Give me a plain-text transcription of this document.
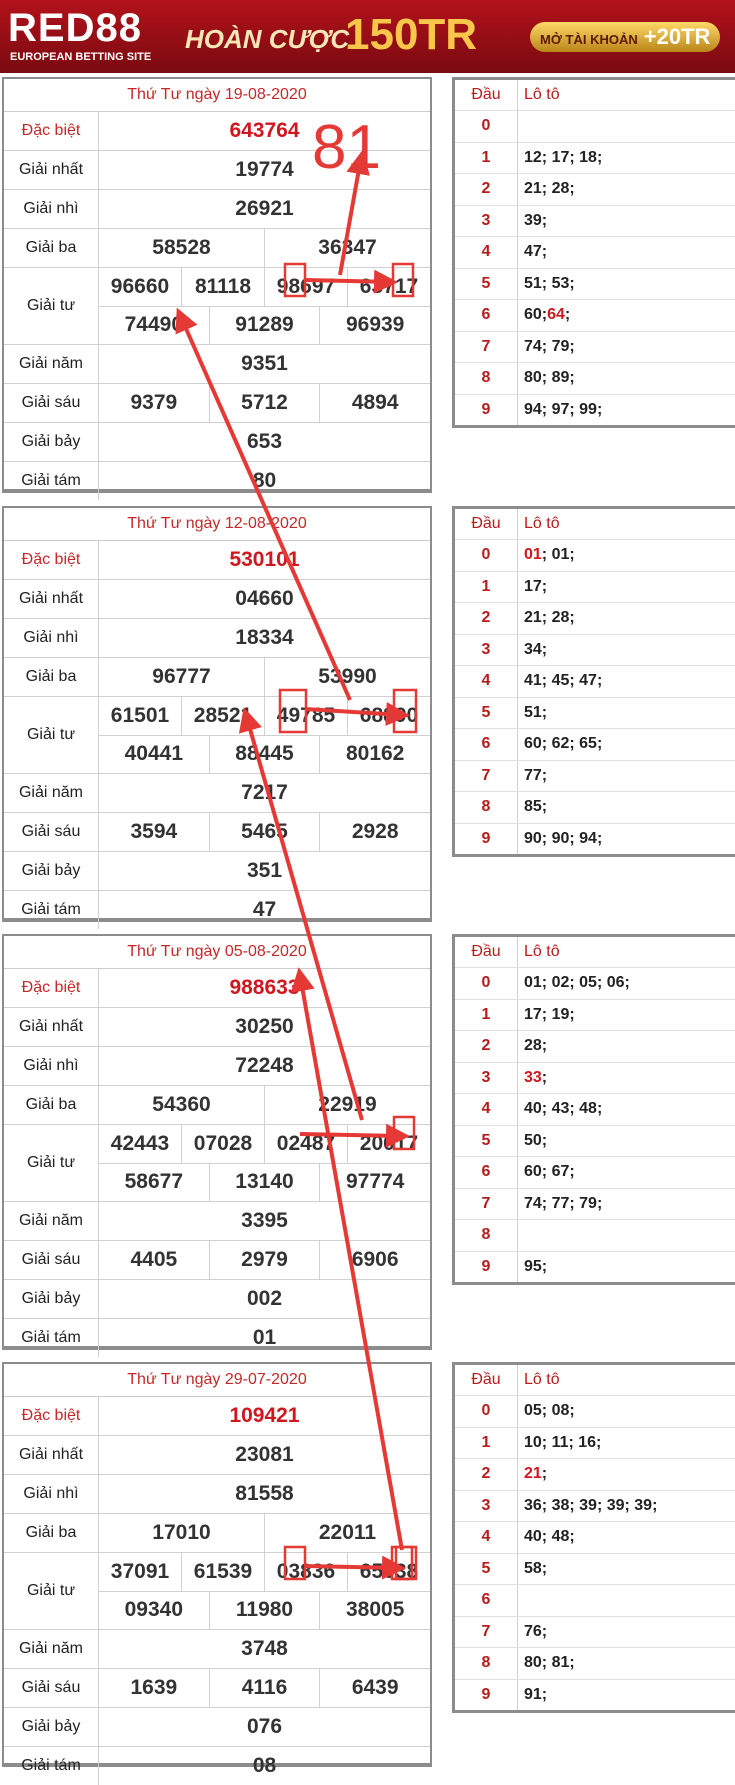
RED88
EUROPEAN BETTING SITE
HOÀN CƯỢC
150TR	MỞ TÀI KHOẢN +20TR
Thứ Tư ngày 19-08-2020
Đặc biệt	643764
Giải nhất	19774
Giải nhì	26921
Giải ba	58528	36347
Giải tư
96660	81118	98697	63717
74490	91289	96939
Giải năm	9351
Giải sáu	9379	5712	4894
Giải bảy	653
Giải tám	80
Đầu	Lô tô
0
1	12; 17; 18;
2	21; 28;
3	39;
4	47;
5	51; 53;
6	60; 64 ;
7	74; 79;
8	80; 89;
9	94; 97; 99;
Thứ Tư ngày 12-08-2020
Đặc biệt	530101
Giải nhất	04660
Giải nhì	18334
Giải ba	96777	53990
Giải tư
61501	28521	49785	68890
40441	88445	80162
Giải năm	7217
Giải sáu	3594	5465	2928
Giải bảy	351
Giải tám	47
Đầu	Lô tô
0	01 ; 01;
1	17;
2	21; 28;
3	34;
4	41; 45; 47;
5	51;
6	60; 62; 65;
7	77;
8	85;
9	90; 90; 94;
Thứ Tư ngày 05-08-2020
Đặc biệt	988633
Giải nhất	30250
Giải nhì	72248
Giải ba	54360	22919
Giải tư
42443	07028	02487	20017
58677	13140	97774
Giải năm	3395
Giải sáu	4405	2979	6906
Giải bảy	002
Giải tám	01
Đầu	Lô tô
0	01; 02; 05; 06;
1	17; 19;
2	28;
3	33 ;
4	40; 43; 48;
5	50;
6	60; 67;
7	74; 77; 79;
8
9	95;
Thứ Tư ngày 29-07-2020
Đặc biệt	109421
Giải nhất	23081
Giải nhì	81558
Giải ba	17010	22011
Giải tư
37091	61539	03836	65038
09340	11980	38005
Giải năm	3748
Giải sáu	1639	4116	6439
Giải bảy	076
Giải tám	08
Đầu	Lô tô
0	05; 08;
1	10; 11; 16;
2	21 ;
3	36; 38; 39; 39; 39;
4	40; 48;
5	58;
6
7	76;
8	80; 81;
9	91;
81
